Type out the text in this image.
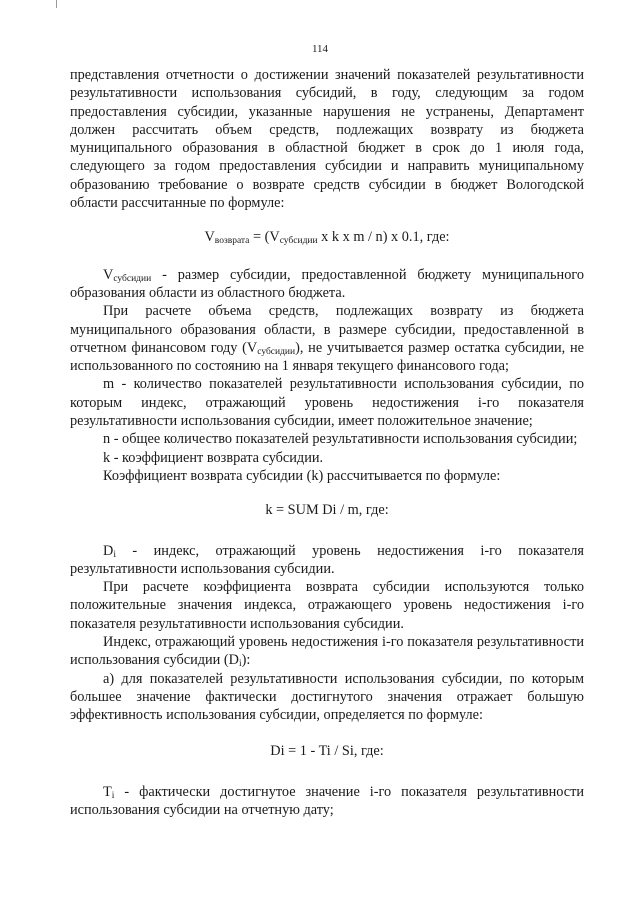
114

представления отчетности о достижении значений показателей результативности результативности использования субсидий, в году, следующим за годом предоставления субсидии, указанные нарушения не устранены, Департамент должен рассчитать объем средств, подлежащих возврату из бюджета муниципального образования в областной бюджет в срок до 1 июля года, следующего за годом предоставления субсидии и направить муниципальному образованию требование о возврате средств субсидии в бюджет Вологодской области рассчитанные по формуле:

$V_{возврата} = (V_{субсидии}$ x k x m / n) x 0.1, где:

$V_{субсидии}$ - размер субсидии, предоставленной бюджету муниципального образования области из областного бюджета.

При расчете объема средств, подлежащих возврату из бюджета муниципального образования области, в размере субсидии, предоставленной в отчетном финансовом году $(V_{субсидии})$, не учитывается размер остатка субсидии, не использованного по состоянию на 1 января текущего финансового года;

m - количество показателей результативности использования субсидии, по которым индекс, отражающий уровень недостижения i-го показателя результативности использования субсидии, имеет положительное значение;

n - общее количество показателей результативности использования субсидии;

k - коэффициент возврата субсидии.

Коэффициент возврата субсидии (k) рассчитывается по формуле:

k = SUM Di / m, где:

$D_i$ - индекс, отражающий уровень недостижения i-го показателя результативности использования субсидии.

При расчете коэффициента возврата субсидии используются только положительные значения индекса, отражающего уровень недостижения i-го показателя результативности использования субсидии.

Индекс, отражающий уровень недостижения i-го показателя результативности использования субсидии $(D_i)$:

а) для показателей результативности использования субсидии, по которым большее значение фактически достигнутого значения отражает большую эффективность использования субсидии, определяется по формуле:

Di = 1 - Ti / Si, где:

$T_i$ - фактически достигнутое значение i-го показателя результативности использования субсидии на отчетную дату;
